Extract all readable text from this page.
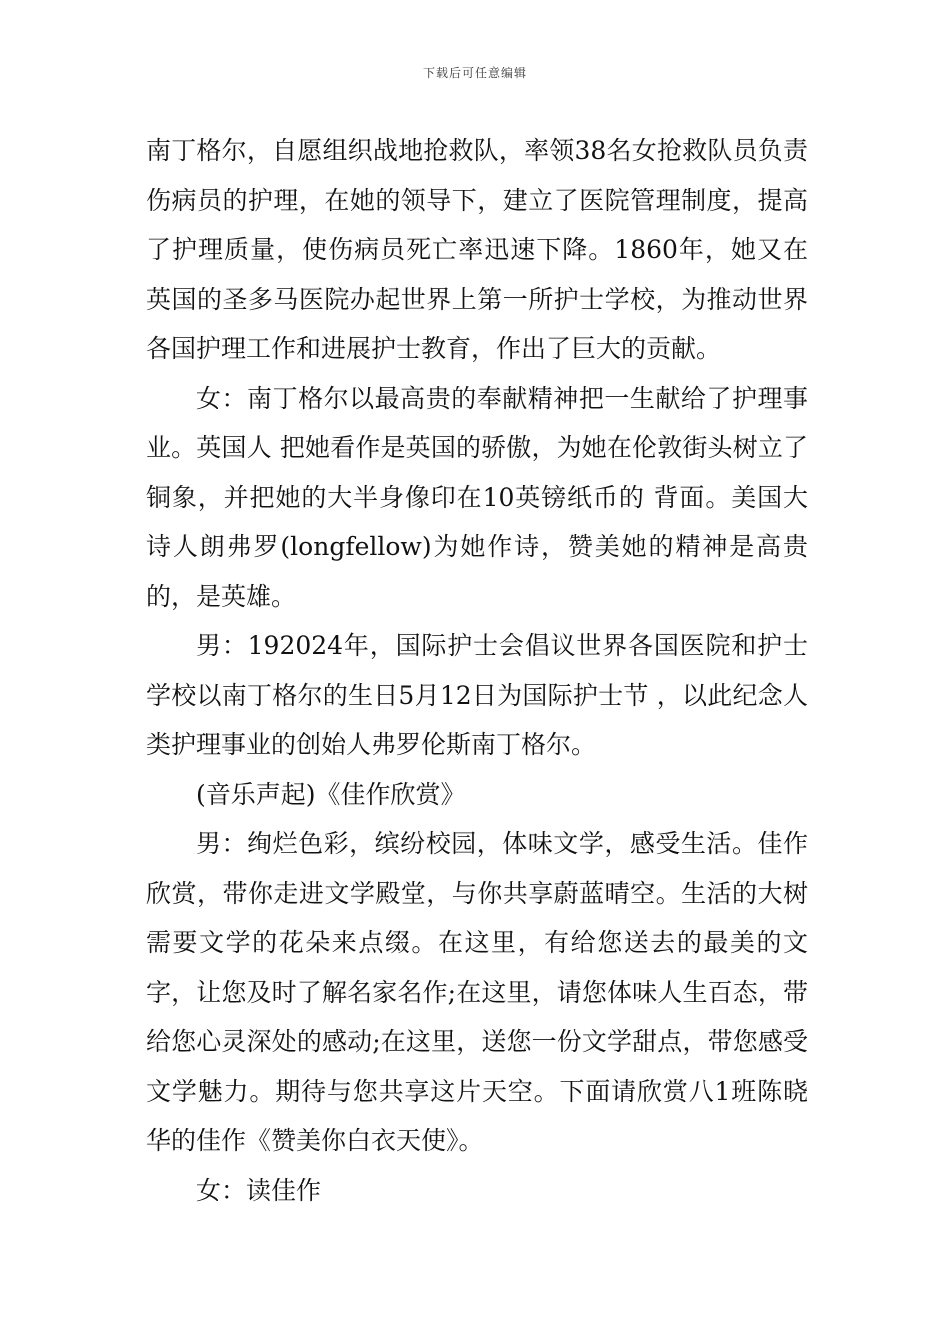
下载后可任意编辑

南丁格尔，自愿组织战地抢救队，率领38名女抢救队员负责伤病员的护理，在她的领导下，建立了医院管理制度，提高了护理质量，使伤病员死亡率迅速下降。1860年，她又在英国的圣多马医院办起世界上第一所护士学校，为推动世界各国护理工作和进展护士教育，作出了巨大的贡献。

女：南丁格尔以最高贵的奉献精神把一生献给了护理事业。英国人 把她看作是英国的骄傲，为她在伦敦街头树立了铜象，并把她的大半身像印在10英镑纸币的 背面。美国大诗人朗弗罗(longfellow)为她作诗，赞美她的精神是高贵的，是英雄。

男：192024年，国际护士会倡议世界各国医院和护士学校以南丁格尔的生日5月12日为国际护士节 ，以此纪念人类护理事业的创始人弗罗伦斯南丁格尔。

(音乐声起)《佳作欣赏》

男：绚烂色彩，缤纷校园，体味文学，感受生活。佳作欣赏，带你走进文学殿堂，与你共享蔚蓝晴空。生活的大树需要文学的花朵来点缀。在这里，有给您送去的最美的文字，让您及时了解名家名作;在这里，请您体味人生百态，带给您心灵深处的感动;在这里，送您一份文学甜点，带您感受文学魅力。期待与您共享这片天空。下面请欣赏八1班陈晓华的佳作《赞美你白衣天使》。

女：读佳作
